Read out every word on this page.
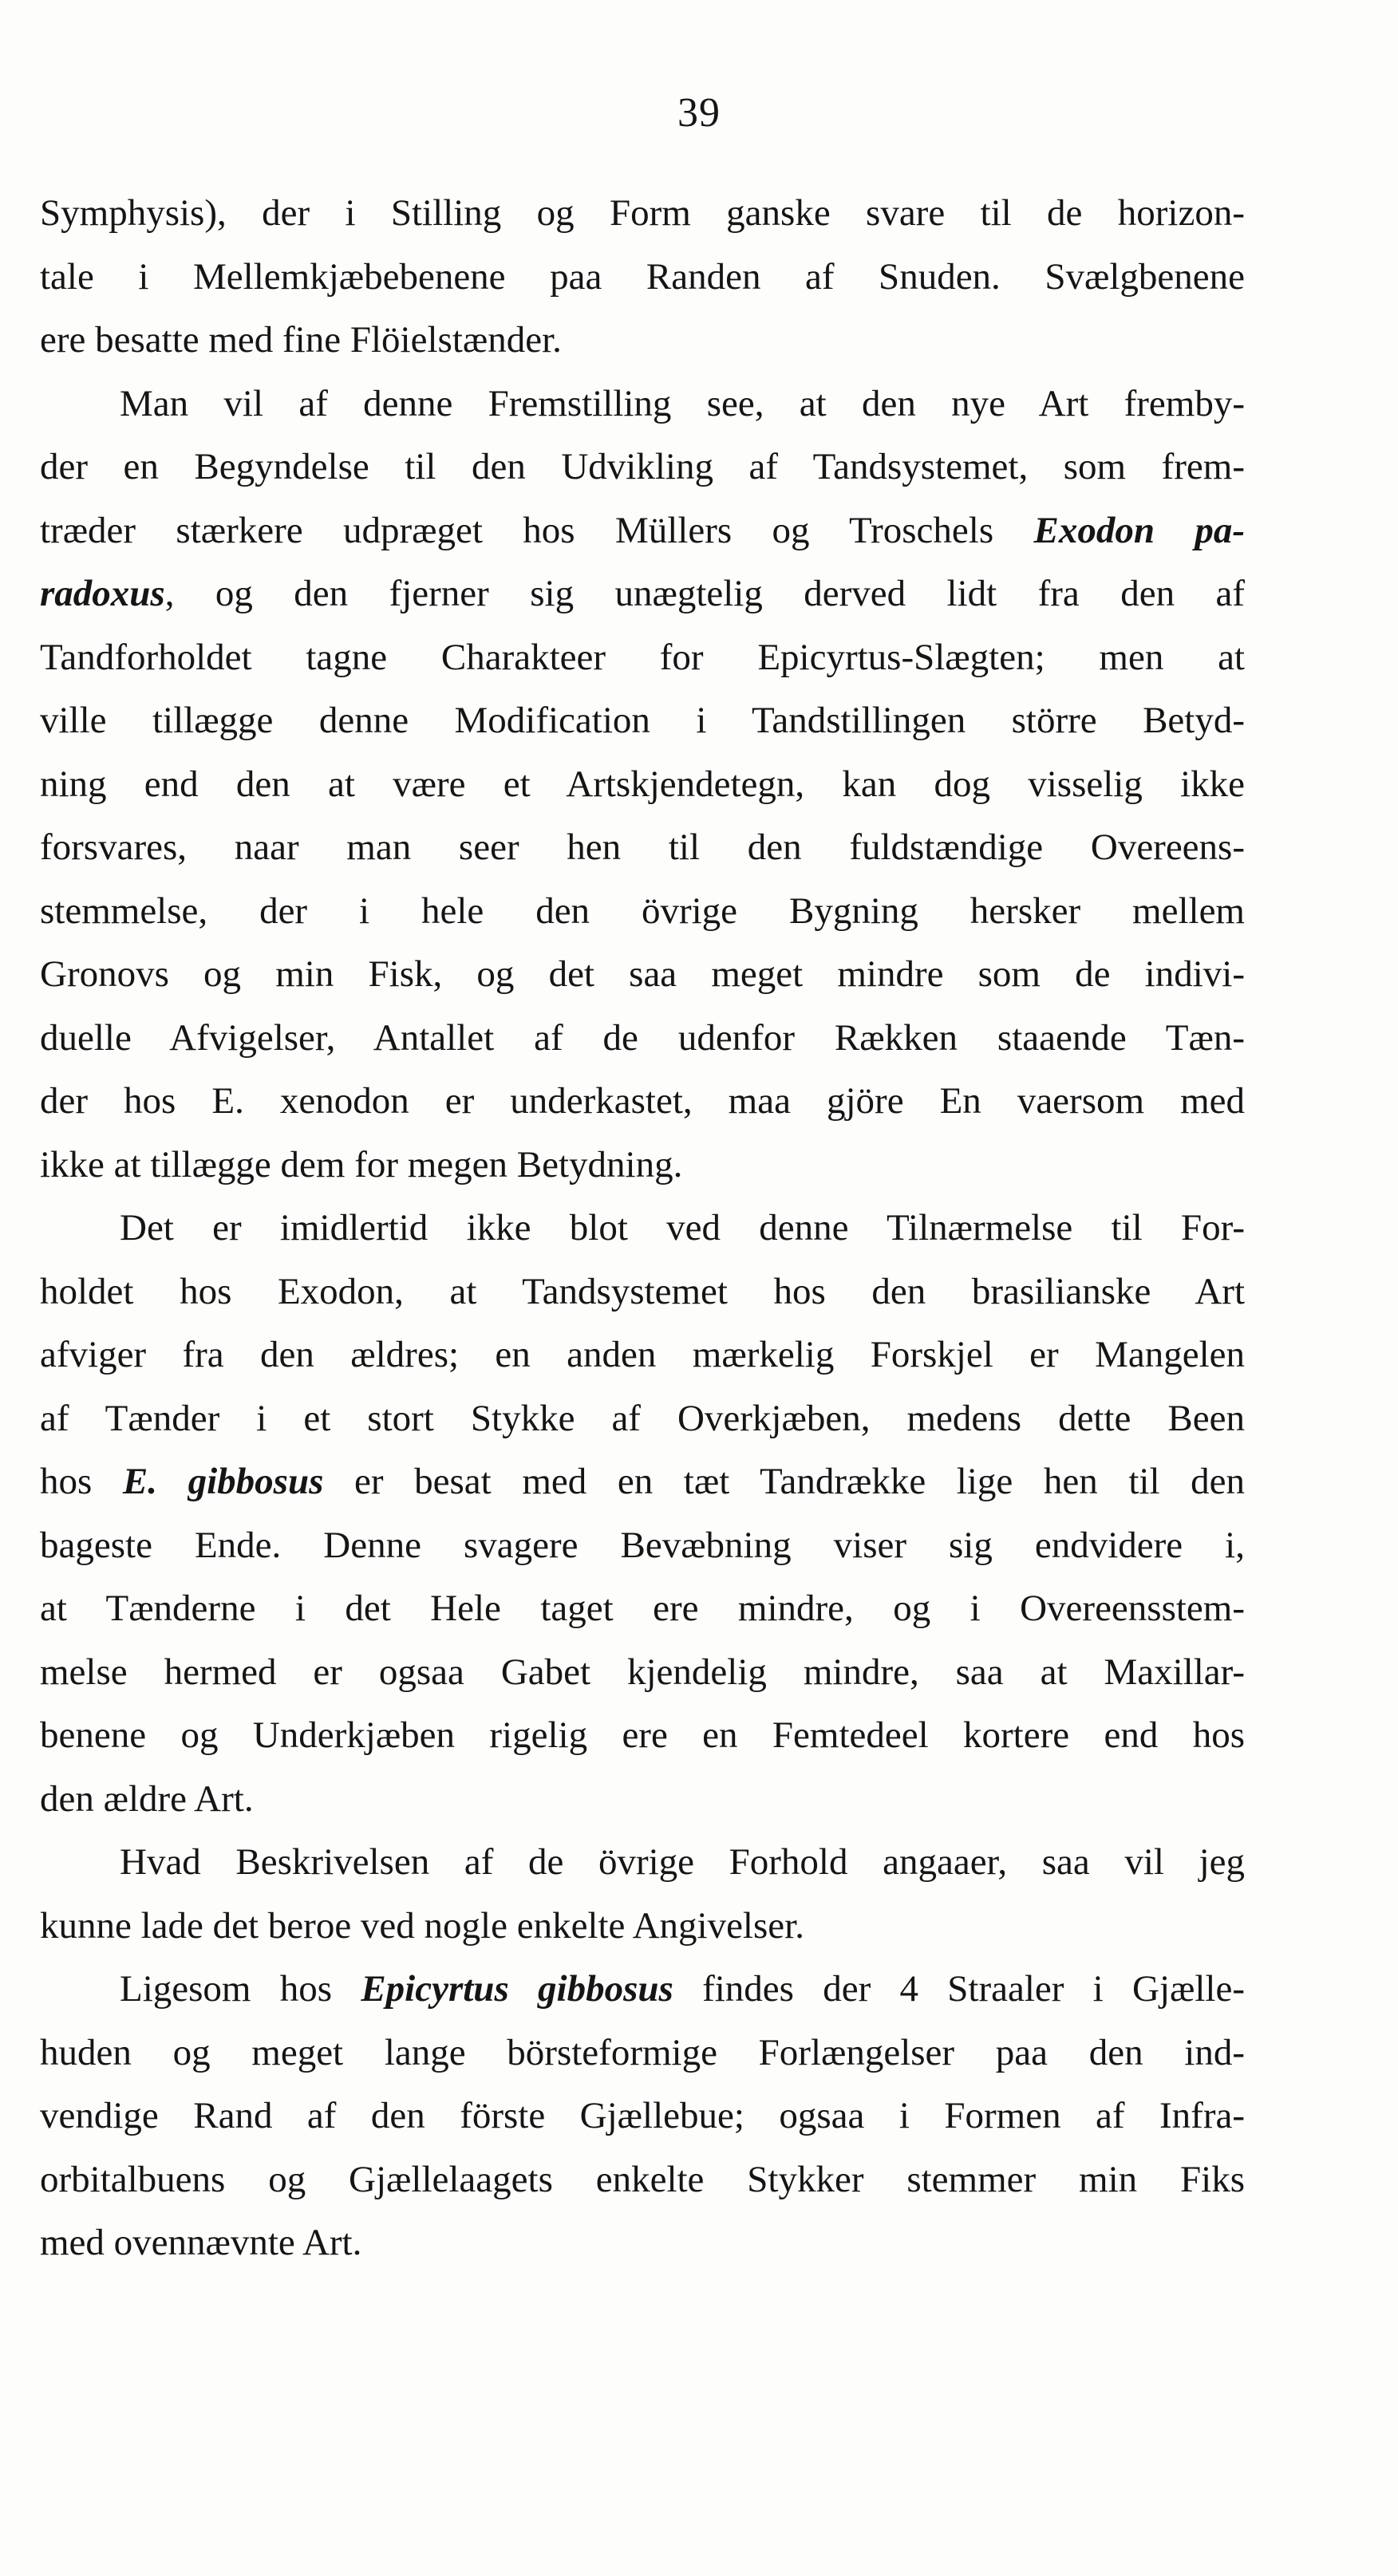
39
Symphysis), der i Stilling og Form ganske svare til de horizon-
tale i Mellemkjæbebenene paa Randen af Snuden. Svælgbenene
ere besatte med fine Flöielstænder.
Man vil af denne Fremstilling see, at den nye Art fremby-
der en Begyndelse til den Udvikling af Tandsystemet, som frem-
træder stærkere udpræget hos Müllers og Troschels Exodon pa-
radoxus, og den fjerner sig unægtelig derved lidt fra den af
Tandforholdet tagne Charakteer for Epicyrtus-Slægten; men at
ville tillægge denne Modification i Tandstillingen större Betyd-
ning end den at være et Artskjendetegn, kan dog visselig ikke
forsvares, naar man seer hen til den fuldstændige Overeens-
stemmelse, der i hele den övrige Bygning hersker mellem
Gronovs og min Fisk, og det saa meget mindre som de indivi-
duelle Afvigelser, Antallet af de udenfor Rækken staaende Tæn-
der hos E. xenodon er underkastet, maa gjöre En vaersom med
ikke at tillægge dem for megen Betydning.
Det er imidlertid ikke blot ved denne Tilnærmelse til For-
holdet hos Exodon, at Tandsystemet hos den brasilianske Art
afviger fra den ældres; en anden mærkelig Forskjel er Mangelen
af Tænder i et stort Stykke af Overkjæben, medens dette Been
hos E. gibbosus er besat med en tæt Tandrække lige hen til den
bageste Ende. Denne svagere Bevæbning viser sig endvidere i,
at Tænderne i det Hele taget ere mindre, og i Overeensstem-
melse hermed er ogsaa Gabet kjendelig mindre, saa at Maxillar-
benene og Underkjæben rigelig ere en Femtedeel kortere end hos
den ældre Art.
Hvad Beskrivelsen af de övrige Forhold angaaer, saa vil jeg
kunne lade det beroe ved nogle enkelte Angivelser.
Ligesom hos Epicyrtus gibbosus findes der 4 Straaler i Gjælle-
huden og meget lange börsteformige Forlængelser paa den ind-
vendige Rand af den förste Gjællebue; ogsaa i Formen af Infra-
orbitalbuens og Gjællelaagets enkelte Stykker stemmer min Fiks
med ovennævnte Art.
